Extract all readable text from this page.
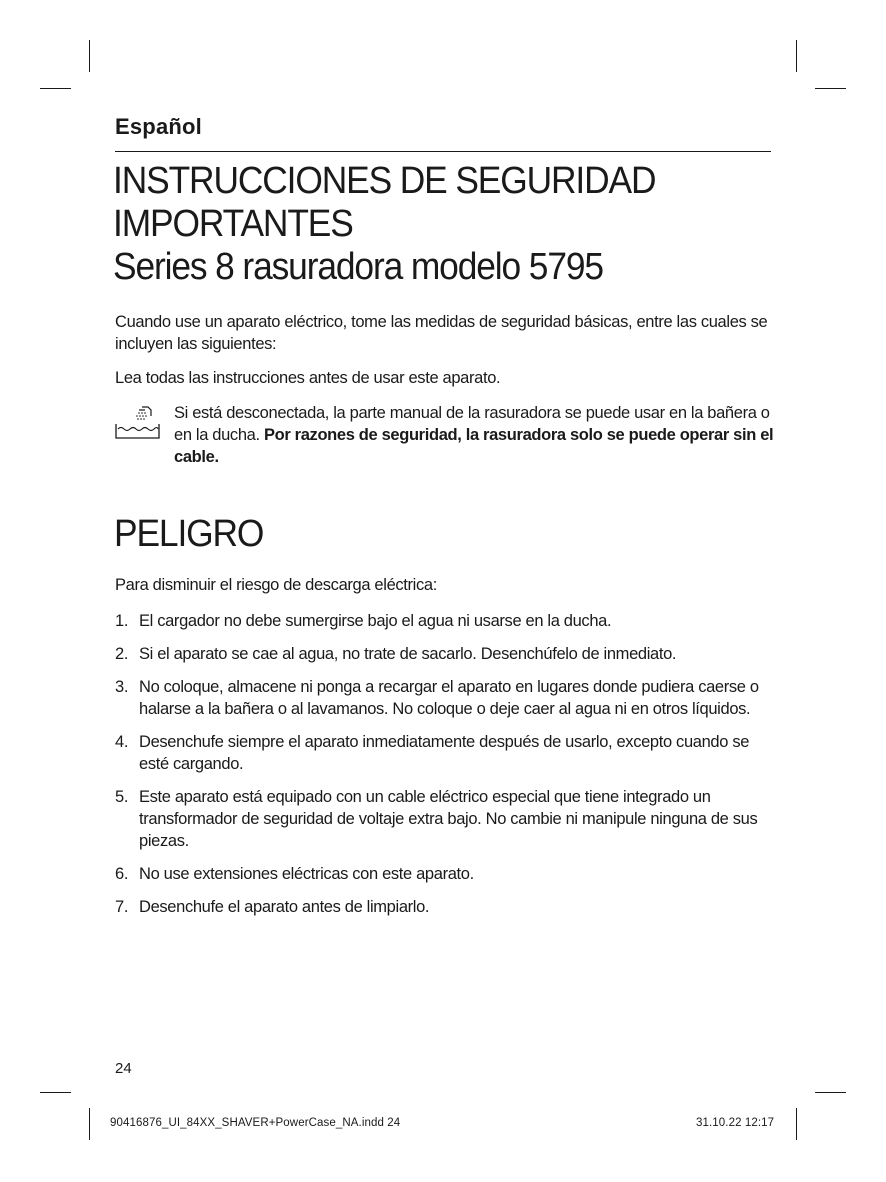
Español
INSTRUCCIONES DE SEGURIDAD
IMPORTANTES
Series 8 rasuradora modelo 5795

Cuando use un aparato eléctrico, tome las medidas de seguridad básicas, entre las cuales se incluyen las siguientes:

Lea todas las instrucciones antes de usar este aparato.

Si está desconectada, la parte manual de la rasuradora se puede usar en la bañera o en la ducha. Por razones de seguridad, la rasuradora solo se puede operar sin el cable.
PELIGRO

Para disminuir el riesgo de descarga eléctrica:

1. El cargador no debe sumergirse bajo el agua ni usarse en la ducha.
2. Si el aparato se cae al agua, no trate de sacarlo. Desenchúfelo de inmediato.
3. No coloque, almacene ni ponga a recargar el aparato en lugares donde pudiera caerse o halarse a la bañera o al lavamanos. No coloque o deje caer al agua ni en otros líquidos.
4. Desenchufe siempre el aparato inmediatamente después de usarlo, excepto cuando se esté cargando.
5. Este aparato está equipado con un cable eléctrico especial que tiene integrado un transformador de seguridad de voltaje extra bajo. No cambie ni manipule ninguna de sus piezas.
6. No use extensiones eléctricas con este aparato.
7. Desenchufe el aparato antes de limpiarlo.
24
90416876_UI_84XX_SHAVER+PowerCase_NA.indd 24	31.10.22 12:17
